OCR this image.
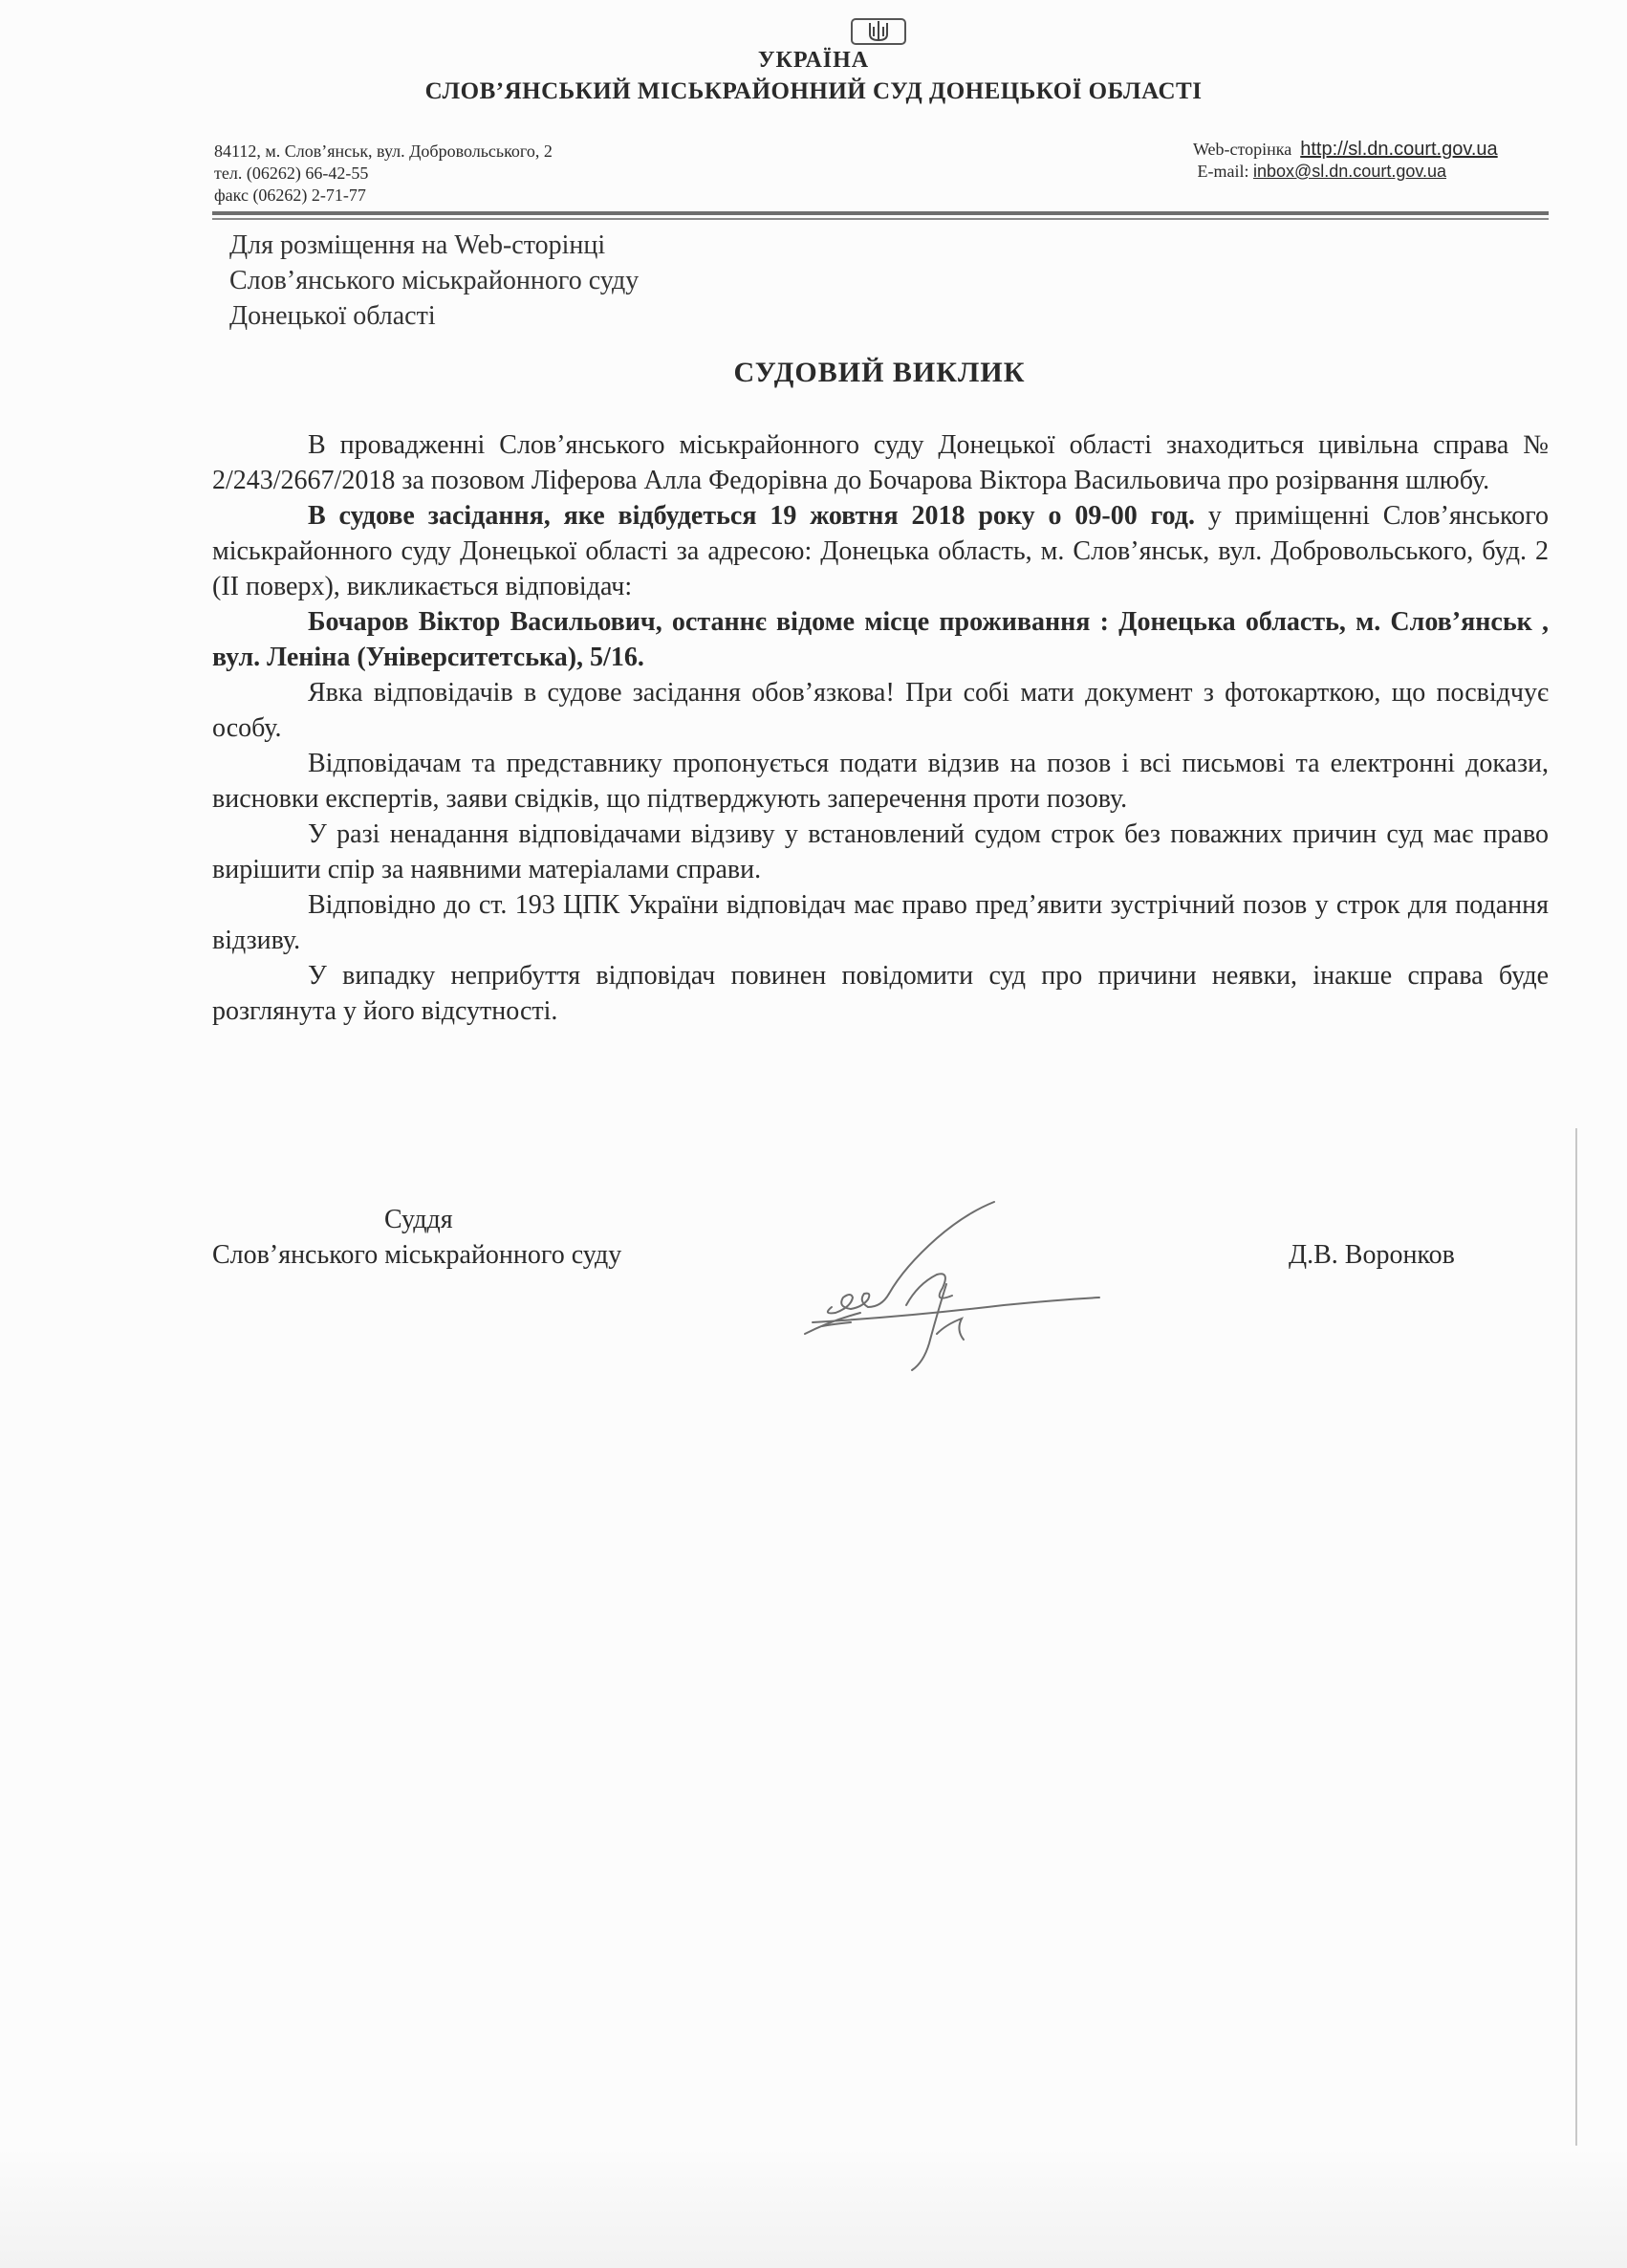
УКРАЇНА
СЛОВ’ЯНСЬКИЙ МІСЬКРАЙОННИЙ СУД ДОНЕЦЬКОЇ ОБЛАСТІ
84112, м. Слов’янськ, вул. Добровольського, 2
тел. (06262) 66-42-55
факс (06262) 2-71-77
Web-сторінка http://sl.dn.court.gov.ua
E-mail: inbox@sl.dn.court.gov.ua
Для розміщення на Web-сторінці
Слов’янського міськрайонного суду
Донецької області
СУДОВИЙ ВИКЛИК

В провадженні Слов’янського міськрайонного суду Донецької області знаходиться цивільна справа № 2/243/2667/2018 за позовом Ліферова Алла Федорівна до Бочарова Віктора Васильовича про розірвання шлюбу.

В судове засідання, яке відбудеться 19 жовтня 2018 року о 09-00 год. у приміщенні Слов’янського міськрайонного суду Донецької області за адресою: Донецька область, м. Слов’янськ, вул. Добровольського, буд. 2 (ІІ поверх), викликається відповідач:

Бочаров Віктор Васильович, останнє відоме місце проживання : Донецька область, м. Слов’янськ , вул. Леніна (Університетська), 5/16.

Явка відповідачів в судове засідання обов’язкова! При собі мати документ з фотокарткою, що посвідчує особу.

Відповідачам та представнику пропонується подати відзив на позов і всі письмові та електронні докази, висновки експертів, заяви свідків, що підтверджують заперечення проти позову.

У разі ненадання відповідачами відзиву у встановлений судом строк без поважних причин суд має право вирішити спір за наявними матеріалами справи.

Відповідно до ст. 193 ЦПК України відповідач має право пред’явити зустрічний позов у строк для подання відзиву.

У випадку неприбуття відповідач повинен повідомити суд про причини неявки, інакше справа буде розглянута у його відсутності.

Суддя
Слов’янського міськрайонного суду	Д.В. Воронков
